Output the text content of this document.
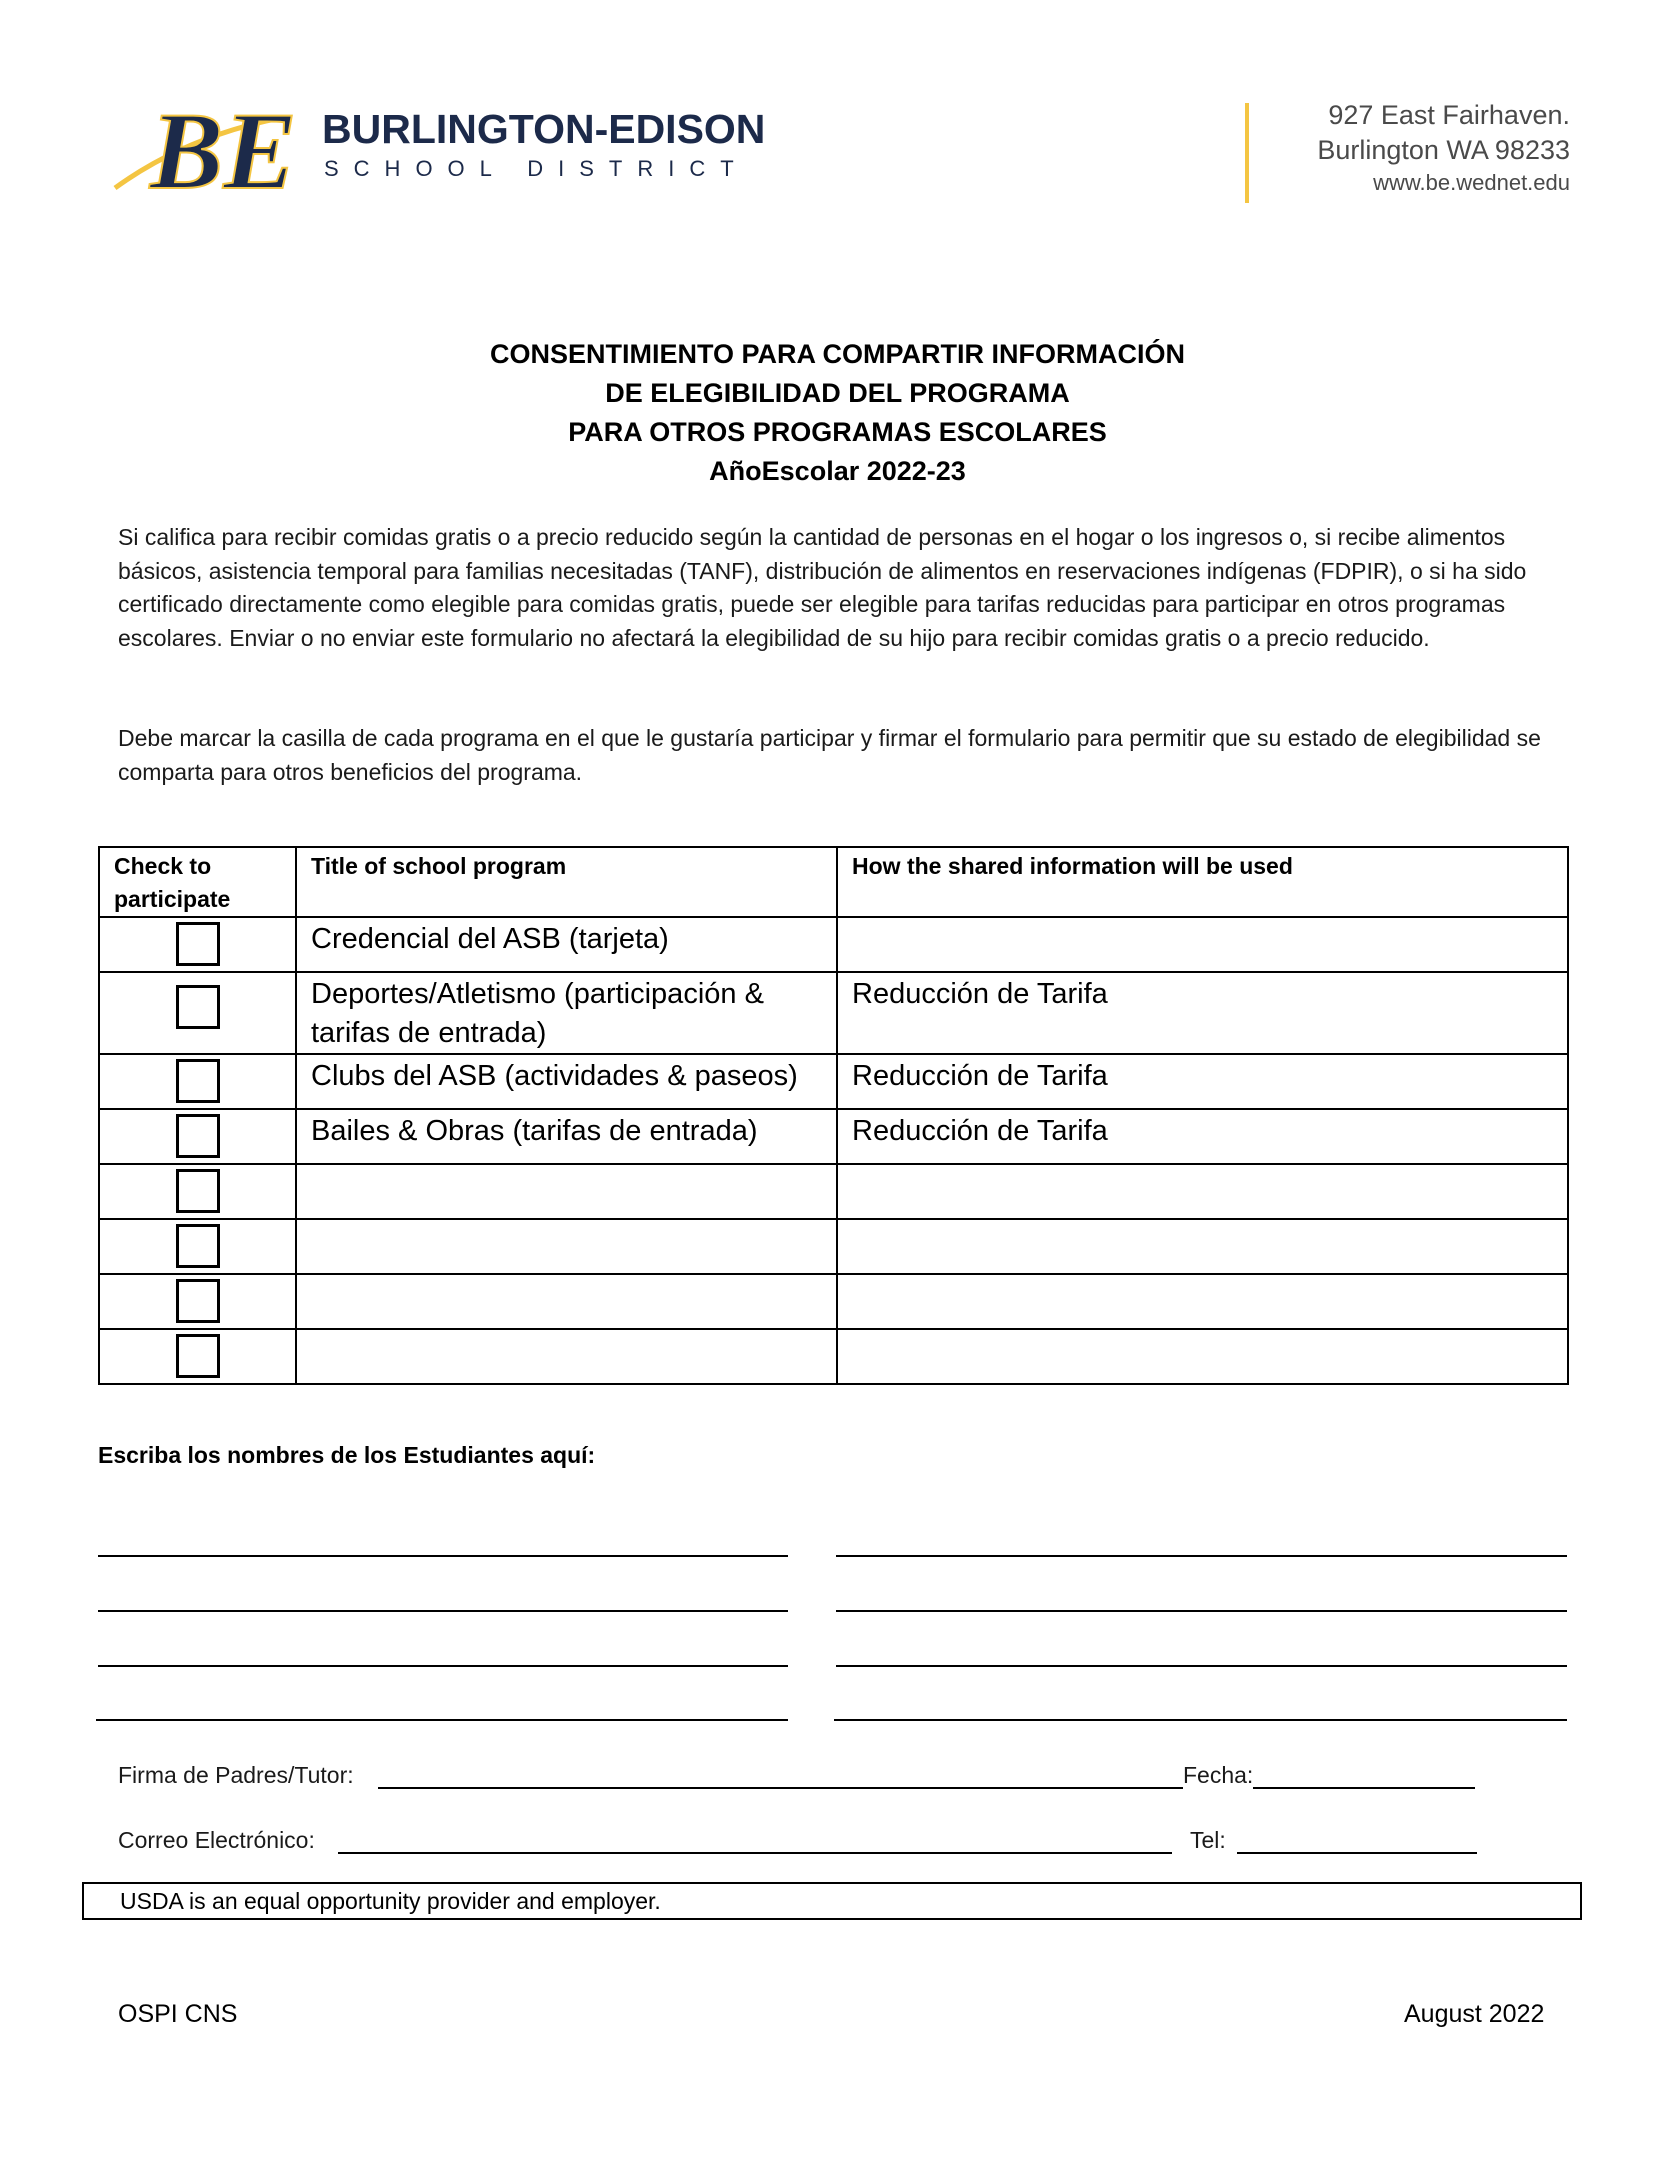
BE BURLINGTON-EDISON
SCHOOL DISTRICT
927 East Fairhaven.
Burlington WA 98233
www.be.wednet.edu
CONSENTIMIENTO PARA COMPARTIR INFORMACIÓN
DE ELEGIBILIDAD DEL PROGRAMA
PARA OTROS PROGRAMAS ESCOLARES
AñoEscolar 2022-23
Si califica para recibir comidas gratis o a precio reducido según la cantidad de personas en el hogar o los ingresos o, si recibe alimentos básicos, asistencia temporal para familias necesitadas (TANF), distribución de alimentos en reservaciones indígenas (FDPIR), o si ha sido certificado directamente como elegible para comidas gratis, puede ser elegible para tarifas reducidas para participar en otros programas escolares. Enviar o no enviar este formulario no afectará la elegibilidad de su hijo para recibir comidas gratis o a precio reducido.
Debe marcar la casilla de cada programa en el que le gustaría participar y firmar el formulario para permitir que su estado de elegibilidad se comparta para otros beneficios del programa.
Check to participate	Title of school program	How the shared information will be used
	Credencial del ASB (tarjeta)	
	Deportes/Atletismo (participación & tarifas de entrada)	Reducción de Tarifa
	Clubs del ASB (actividades & paseos)	Reducción de Tarifa
	Bailes & Obras (tarifas de entrada)	Reducción de Tarifa

Escriba los nombres de los Estudiantes aquí:
Firma de Padres/Tutor:	Fecha:
Correo Electrónico:	Tel:
USDA is an equal opportunity provider and employer.
OSPI CNS	August 2022
